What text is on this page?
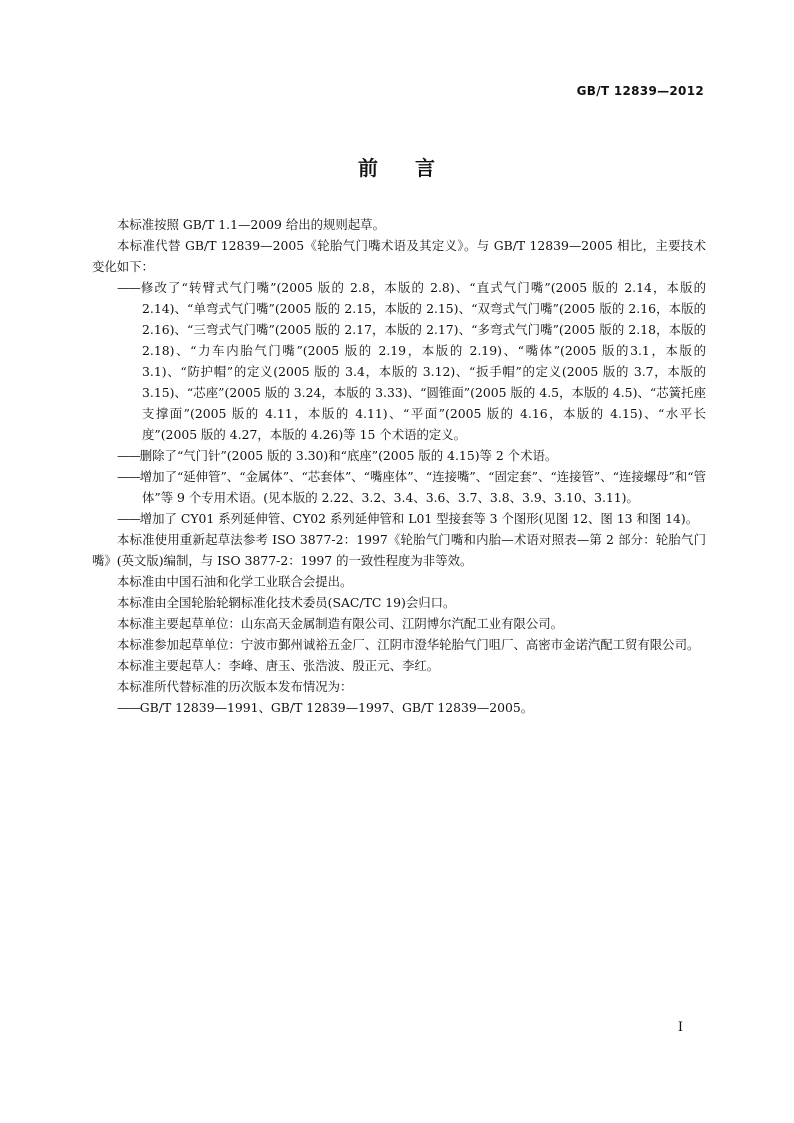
GB/T 12839—2012
前 言

本标准按照 GB/T 1.1—2009 给出的规则起草。

本标准代替 GB/T 12839—2005《轮胎气门嘴术语及其定义》。与 GB/T 12839—2005 相比，主要技术变化如下：

——修改了“转臂式气门嘴”(2005 版的 2.8，本版的 2.8)、“直式气门嘴”(2005 版的 2.14，本版的 2.14)、“单弯式气门嘴”(2005 版的 2.15，本版的 2.15)、“双弯式气门嘴”(2005 版的 2.16，本版的2.16)、“三弯式气门嘴”(2005 版的 2.17，本版的 2.17)、“多弯式气门嘴”(2005 版的 2.18，本版的2.18)、“力车内胎气门嘴”(2005 版的 2.19，本版的 2.19)、“嘴体”(2005 版的3.1，本版的 3.1)、“防护帽”的定义(2005 版的 3.4，本版的 3.12)、“扳手帽”的定义(2005 版的 3.7，本版的 3.15)、“芯座”(2005 版的 3.24，本版的 3.33)、“圆锥面”(2005 版的 4.5，本版的 4.5)、“芯簧托座支撑面”(2005 版的 4.11，本版的 4.11)、“平面”(2005 版的 4.16，本版的 4.15)、“水平长度”(2005 版的 4.27，本版的 4.26)等 15 个术语的定义。

——删除了“气门针”(2005 版的 3.30)和“底座”(2005 版的 4.15)等 2 个术语。

——增加了“延伸管”、“金属体”、“芯套体”、“嘴座体”、“连接嘴”、“固定套”、“连接管”、“连接螺母”和“管体”等 9 个专用术语。(见本版的 2.22、3.2、3.4、3.6、3.7、3.8、3.9、3.10、3.11)。

——增加了 CY01 系列延伸管、CY02 系列延伸管和 L01 型接套等 3 个图形(见图 12、图 13 和图 14)。

本标准使用重新起草法参考 ISO 3877-2：1997《轮胎气门嘴和内胎—术语对照表—第 2 部分：轮胎气门嘴》(英文版)编制，与 ISO 3877-2：1997 的一致性程度为非等效。

本标准由中国石油和化学工业联合会提出。

本标准由全国轮胎轮辋标准化技术委员(SAC/TC 19)会归口。

本标准主要起草单位：山东高天金属制造有限公司、江阴博尔汽配工业有限公司。

本标准参加起草单位：宁波市鄞州诚裕五金厂、江阴市澄华轮胎气门咀厂、高密市金诺汽配工贸有限公司。

本标准主要起草人：李峰、唐玉、张浩波、殷正元、李红。

本标准所代替标准的历次版本发布情况为：

——GB/T 12839—1991、GB/T 12839—1997、GB/T 12839—2005。

I
